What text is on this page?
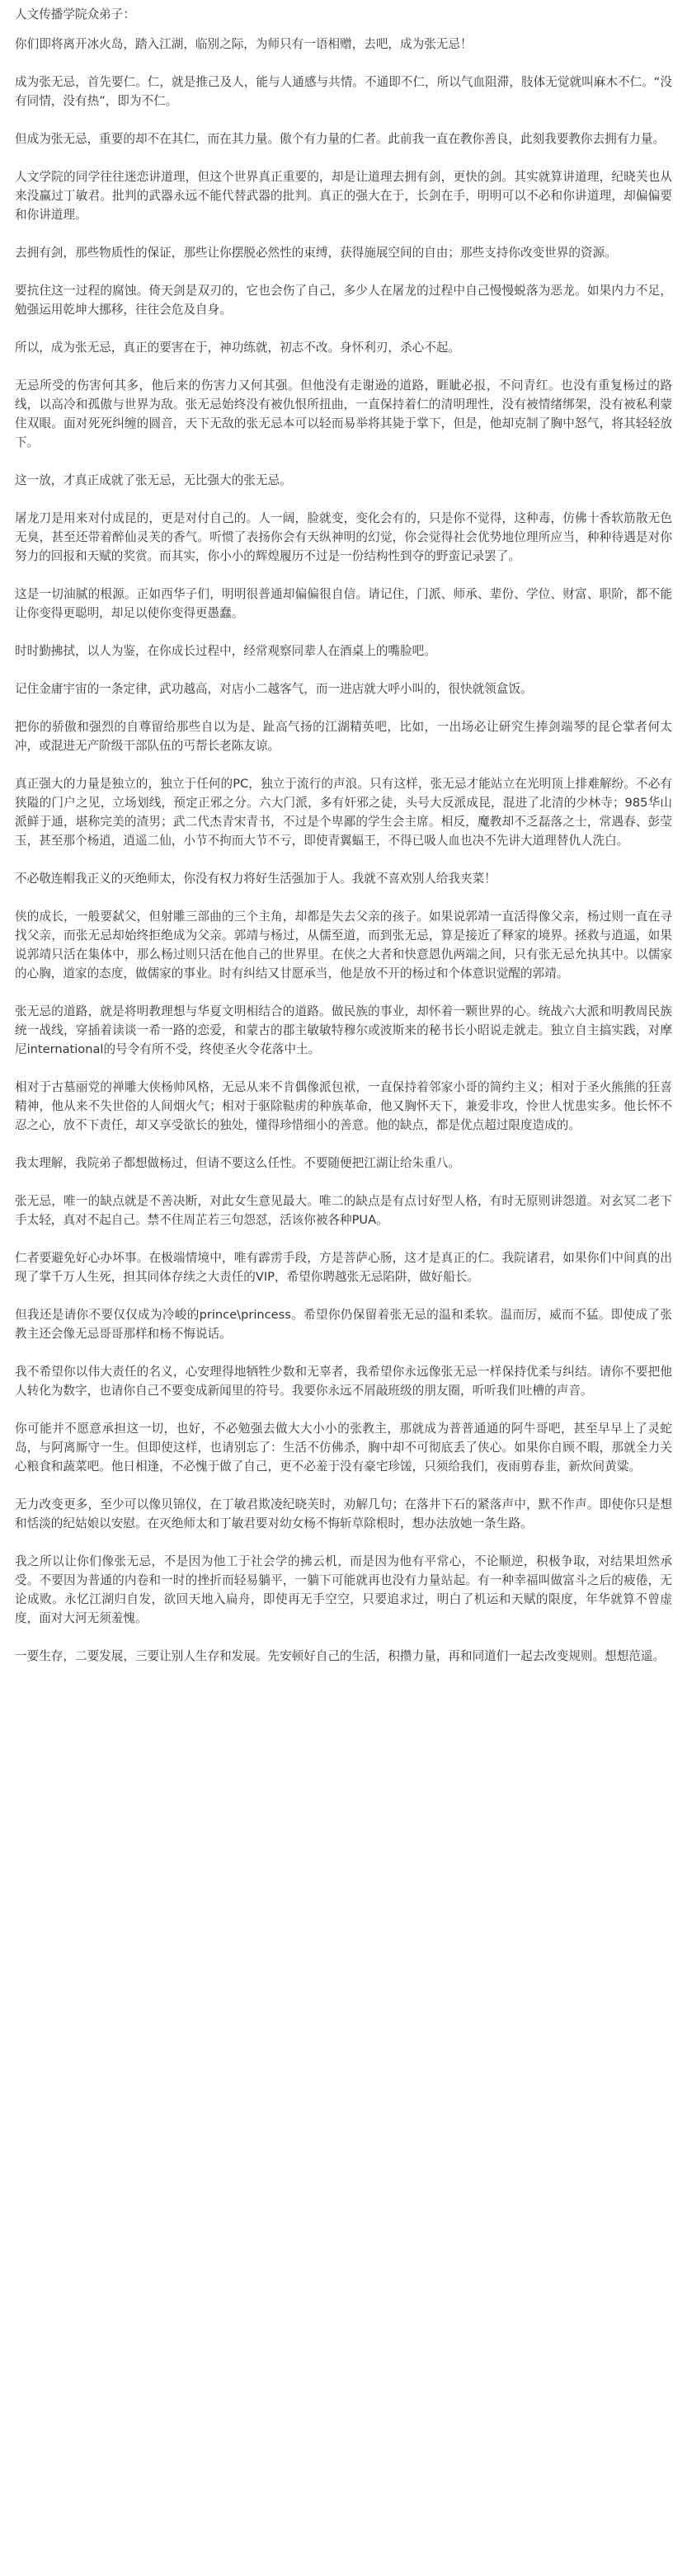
人文传播学院众弟子：

你们即将离开冰火岛，踏入江湖，临别之际，为师只有一语相赠，去吧，成为张无忌！

成为张无忌，首先要仁。仁，就是推己及人，能与人通感与共情。不通即不仁，所以气血阻滞，肢体无觉就叫麻木不仁。“没有同情，没有热”，即为不仁。

但成为张无忌，重要的却不在其仁，而在其力量。傲个有力量的仁者。此前我一直在教你善良，此刻我要教你去拥有力量。

人文学院的同学往往迷恋讲道理，但这个世界真正重要的，却是让道理去拥有剑，更快的剑。其实就算讲道理，纪晓芙也从来没赢过丁敏君。批判的武器永远不能代替武器的批判。真正的强大在于，长剑在手，明明可以不必和你讲道理，却偏偏要和你讲道理。

去拥有剑，那些物质性的保证，那些让你摆脱必然性的束缚，获得施展空间的自由；那些支持你改变世界的资源。

要抗住这一过程的腐蚀。倚天剑是双刃的，它也会伤了自己，多少人在屠龙的过程中自己慢慢蜕落为恶龙。如果内力不足，勉强运用乾坤大挪移，往往会危及自身。

所以，成为张无忌，真正的要害在于，神功练就，初志不改。身怀利刃，杀心不起。

无忌所受的伤害何其多，他后来的伤害力又何其强。但他没有走谢逊的道路，睚眦必报，不问青红。也没有重复杨过的路线，以高冷和孤傲与世界为敌。张无忌始终没有被仇恨所扭曲，一直保持着仁的清明理性，没有被情绪绑架，没有被私利蒙住双眼。面对死死纠缠的圆音，天下无敌的张无忌本可以轻而易举将其毙于掌下，但是，他却克制了胸中怒气，将其轻轻放下。

这一放，才真正成就了张无忌，无比强大的张无忌。

屠龙刀是用来对付成昆的，更是对付自己的。人一阔，脸就变，变化会有的，只是你不觉得，这种毒，仿佛十香软筋散无色无臭，甚至还带着醉仙灵芙的香气。听惯了表扬你会有天纵神明的幻觉，你会觉得社会优势地位理所应当，种种待遇是对你努力的回报和天赋的奖赏。而其实，你小小的辉煌履历不过是一份结构性到夺的野蛮记录罢了。

这是一切油腻的根源。正如西华子们，明明很普通却偏偏很自信。请记住，门派、师承、辈份、学位、财富、职阶，都不能让你变得更聪明，却足以使你变得更愚蠢。

时时勤拂拭，以人为鉴，在你成长过程中，经常观察同辈人在酒桌上的嘴脸吧。

记住金庸宇宙的一条定律，武功越高，对店小二越客气，而一进店就大呼小叫的，很快就领盒饭。

把你的骄傲和强烈的自尊留给那些自以为是、趾高气扬的江湖精英吧，比如，一出场必让研究生捧剑端琴的昆仑掌者何太冲，或混进无产阶级干部队伍的丐帮长老陈友谅。

真正强大的力量是独立的，独立于任何的PC，独立于流行的声浪。只有这样，张无忌才能站立在光明顶上排难解纷。不必有狭隘的门户之见，立场划线，预定正邪之分。六大门派，多有奸邪之徒，头号大反派成昆，混进了北清的少林寺；985华山派鲜于通，堪称完美的渣男；武二代杰青宋青书，不过是个卑鄙的学生会主席。相反，魔教却不乏磊落之士，常遇春、彭莹玉，甚至那个杨逍，逍遥二仙，小节不拘而大节不亏，即使青翼蝠王，不得已吸人血也决不先讲大道理替仇人洗白。

不必敬连帽我正义的灭绝师太，你没有权力将好生活强加于人。我就不喜欢别人给我夹菜！

侠的成长，一般要弑父，但射雕三部曲的三个主角，却都是失去父亲的孩子。如果说郭靖一直活得像父亲，杨过则一直在寻找父亲，而张无忌却始终拒绝成为父亲。郭靖与杨过，从儒至道，而到张无忌，算是接近了释家的境界。拯救与逍遥，如果说郭靖只活在集体中，那么杨过则只活在他自己的世界里。在侠之大者和快意恩仇两端之间，只有张无忌允执其中。以儒家的心胸，道家的态度，做儒家的事业。时有纠结又甘愿承当，他是放不开的杨过和个体意识觉醒的郭靖。

张无忌的道路，就是将明教理想与华夏文明相结合的道路。做民族的事业，却怀着一颗世界的心。统战六大派和明教周民族统一战线，穿插着读谈一希一路的恋爱，和蒙古的郡主敏敏特穆尔或波斯来的秘书长小昭说走就走。独立自主搞实践，对摩尼international的号令有所不受，终使圣火令花落中土。

相对于古墓丽党的禅雕大侠杨帅风格，无忌从来不肯偶像派包袱，一直保持着邻家小哥的简约主义；相对于圣火熊熊的狂喜精神，他从来不失世俗的人间烟火气；相对于驱除鞑虏的种族革命，他又胸怀天下，兼爱非攻，怜世人忧患实多。他长怀不忍之心，放不下责任，却又享受欲长的独处，懂得珍惜细小的善意。他的缺点，都是优点超过限度造成的。

我太理解，我院弟子都想做杨过，但请不要这么任性。不要随便把江湖让给朱重八。

张无忌，唯一的缺点就是不善决断，对此女生意见最大。唯二的缺点是有点讨好型人格，有时无原则讲怨道。对玄冥二老下手太轻，真对不起自己。禁不住周芷若三句怨怼，活该你被各种PUA。

仁者要避免好心办坏事。在极端情境中，唯有霹雳手段，方是菩萨心肠，这才是真正的仁。我院诸君，如果你们中间真的出现了掌千万人生死，担其同体存续之大责任的VIP，希望你聘越张无忌陷阱，做好船长。

但我还是请你不要仅仅成为冷峻的prince\princess。希望你仍保留着张无忌的温和柔软。温而厉，威而不猛。即使成了张教主还会像无忌哥哥那样和杨不悔说话。

我不希望你以伟大责任的名义，心安理得地牺牲少数和无辜者，我希望你永远像张无忌一样保持优柔与纠结。请你不要把他人转化为数字，也请你自己不要变成新闻里的符号。我要你永远不屑敲班级的朋友圈，听听我们吐槽的声音。

你可能并不愿意承担这一切，也好，不必勉强去做大大小小的张教主，那就成为普普通通的阿牛哥吧，甚至早早上了灵蛇岛，与阿离厮守一生。但即使这样，也请别忘了：生活不仿佛杀，胸中却不可彻底丢了侠心。如果你自顾不暇，那就全力关心粮食和蔬菜吧。他日相逢，不必愧于做了自己，更不必羞于没有豪宅珍馐，只须给我们，夜雨剪春韭，新炊间黄粱。

无力改变更多，至少可以像贝锦仪，在丁敏君欺凌纪晓芙时，劝解几句；在落井下石的紧落声中，默不作声。即使你只是想和恬淡的纪姑娘以安慰。在灭绝师太和丁敏君要对幼女杨不悔斩草除根时，想办法放她一条生路。

我之所以让你们像张无忌，不是因为他工于社会学的拂云机，而是因为他有平常心，不论顺逆，积极争取，对结果坦然承受。不要因为普通的内卷和一时的挫折而轻易躺平，一躺下可能就再也没有力量站起。有一种幸福叫做富斗之后的疲倦，无论成败。永忆江湖归自发，欲回天地入扁舟，即使再无手空空，只要追求过，明白了机运和天赋的限度，年华就算不曾虚度，面对大河无须羞愧。

一要生存，二要发展，三要让别人生存和发展。先安顿好自己的生活，积攒力量，再和同道们一起去改变规则。想想范遥。
